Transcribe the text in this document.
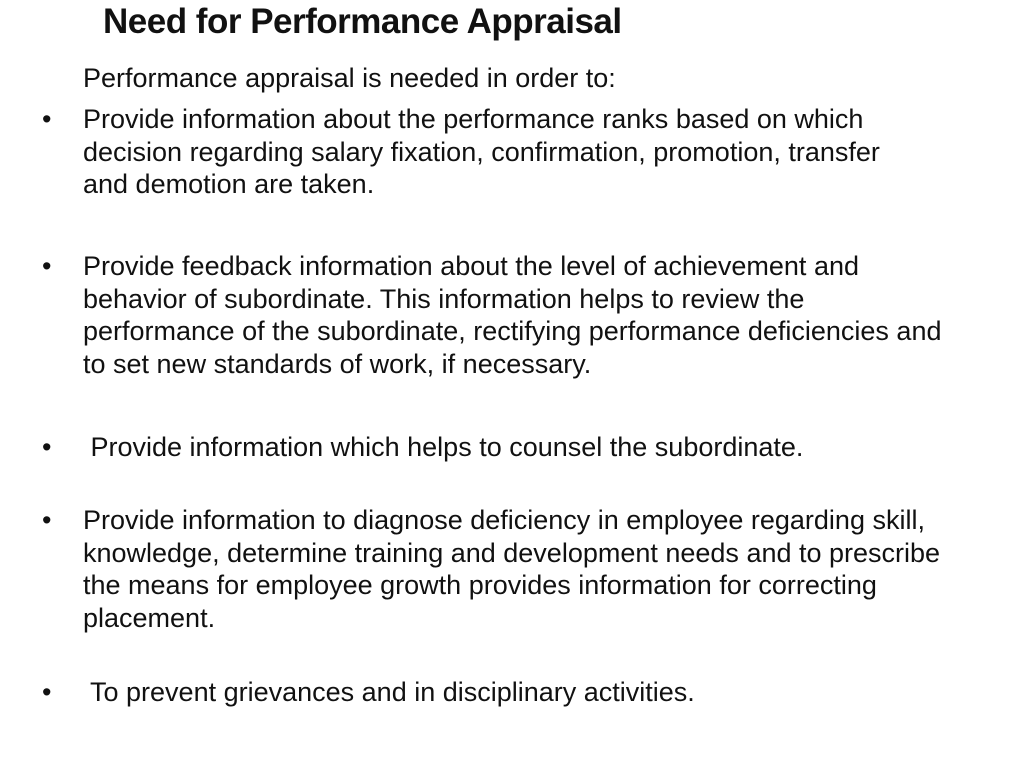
Need for Performance Appraisal
Performance appraisal is needed in order to:
• Provide information about the performance ranks based on which decision regarding salary fixation, confirmation, promotion, transfer and demotion are taken.
• Provide feedback information about the level of achievement and behavior of subordinate. This information helps to review the performance of the subordinate, rectifying performance deficiencies and to set new standards of work, if necessary.
• Provide information which helps to counsel the subordinate.
• Provide information to diagnose deficiency in employee regarding skill, knowledge, determine training and development needs and to prescribe the means for employee growth provides information for correcting placement.
• To prevent grievances and in disciplinary activities.
